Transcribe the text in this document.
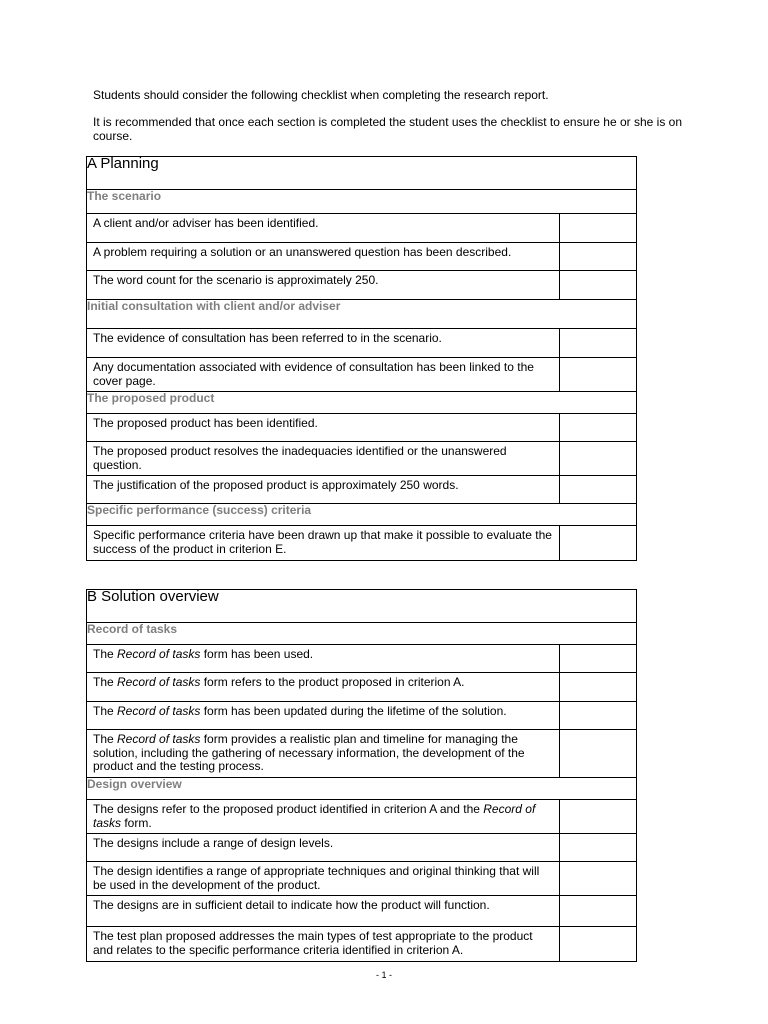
Students should consider the following checklist when completing the research report.
It is recommended that once each section is completed the student uses the checklist to ensure he or she is on course.
A Planning	
The scenario	
A client and/or adviser has been identified.	
A problem requiring a solution or an unanswered question has been described.	
The word count for the scenario is approximately 250.	
Initial consultation with client and/or adviser	
The evidence of consultation has been referred to in the scenario.	
Any documentation associated with evidence of consultation has been linked to the cover page.	
The proposed product	
The proposed product has been identified.	
The proposed product resolves the inadequacies identified or the unanswered question.	
The justification of the proposed product is approximately 250 words.	
Specific performance (success) criteria	
Specific performance criteria have been drawn up that make it possible to evaluate the success of the product in criterion E.	
B Solution overview	
Record of tasks	
The Record of tasks form has been used.	
The Record of tasks form refers to the product proposed in criterion A.	
The Record of tasks form has been updated during the lifetime of the solution.	
The Record of tasks form provides a realistic plan and timeline for managing the solution, including the gathering of necessary information, the development of the product and the testing process.	
Design overview	
The designs refer to the proposed product identified in criterion A and the Record of tasks form.	
The designs include a range of design levels.	
The design identifies a range of appropriate techniques and original thinking that will be used in the development of the product.	
The designs are in sufficient detail to indicate how the product will function.	
The test plan proposed addresses the main types of test appropriate to the product and relates to the specific performance criteria identified in criterion A.	
- 1 -
